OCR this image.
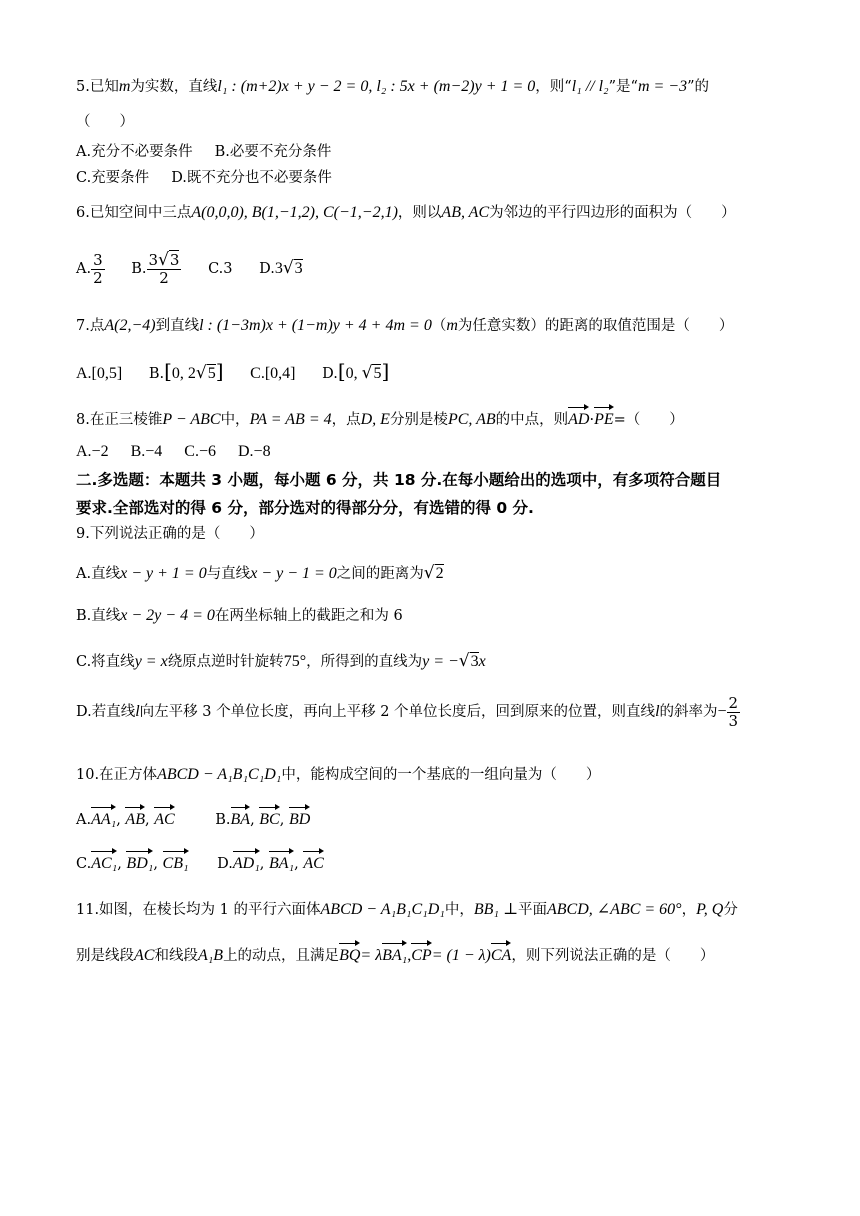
5.已知m为实数，直线l₁ : (m+2)x + y − 2 = 0, l₂ : 5x + (m−2)y + 1 = 0，则“l₁ // l₂”是“m = −3”的
（　　）
A.充分不必要条件 B.必要不充分条件
C.充要条件 D.既不充分也不必要条件
6.已知空间中三点A(0,0,0), B(1,−1,2), C(−1,−2,1)，则以AB, AC为邻边的平行四边形的面积为（　　）
A. $\frac{3}{2} B$. $\frac{3√3}{2} C.3$ D.3√3
7.点A(2,−4)到直线l : (1−3m)x + (1−m)y + 4 + 4m = 0（m为任意实数）的距离的取值范围是（　　）
A.[0,5] B.[0, 2√5] C.[0,4] D.[0, √5]
8.在正三棱锥P − ABC中，PA = AB = 4，点D, E分别是棱PC, AB的中点，则AD·PE=（　　）
A.−2 B.−4 C.−6 D.−8
二.多选题：本题共 3 小题，每小题 6 分，共 18 分.在每小题给出的选项中，有多项符合题目
要求.全部选对的得 6 分，部分选对的得部分分，有选错的得 0 分.
9.下列说法正确的是（　　）
A.直线x − y + 1 = 0与直线x − y − 1 = 0之间的距离为√2
B.直线x − 2y − 4 = 0在两坐标轴上的截距之和为 6
C.将直线y = x绕原点逆时针旋转75°，所得到的直线为y = −√3x
D.若直线l向左平移 3 个单位长度，再向上平移 2 个单位长度后，回到原来的位置，则直线l的斜率为− $\frac{2}{3}$
10.在正方体ABCD − A₁B₁C₁D₁中，能构成空间的一个基底的一组向量为（　　）
A.AA₁, AB, AC	B.BA, BC, BD
C.AC₁, BD₁, CB₁ D.AD₁, BA₁, AC
11.如图，在棱长均为 1 的平行六面体ABCD − A₁B₁C₁D₁中，BB₁ ⊥平面ABCD, ∠ABC = 60°，P, Q分
别是线段AC和线段A₁B上的动点，且满足BQ= λBA₁,CP= (1 − λ)CA，则下列说法正确的是（　　）
